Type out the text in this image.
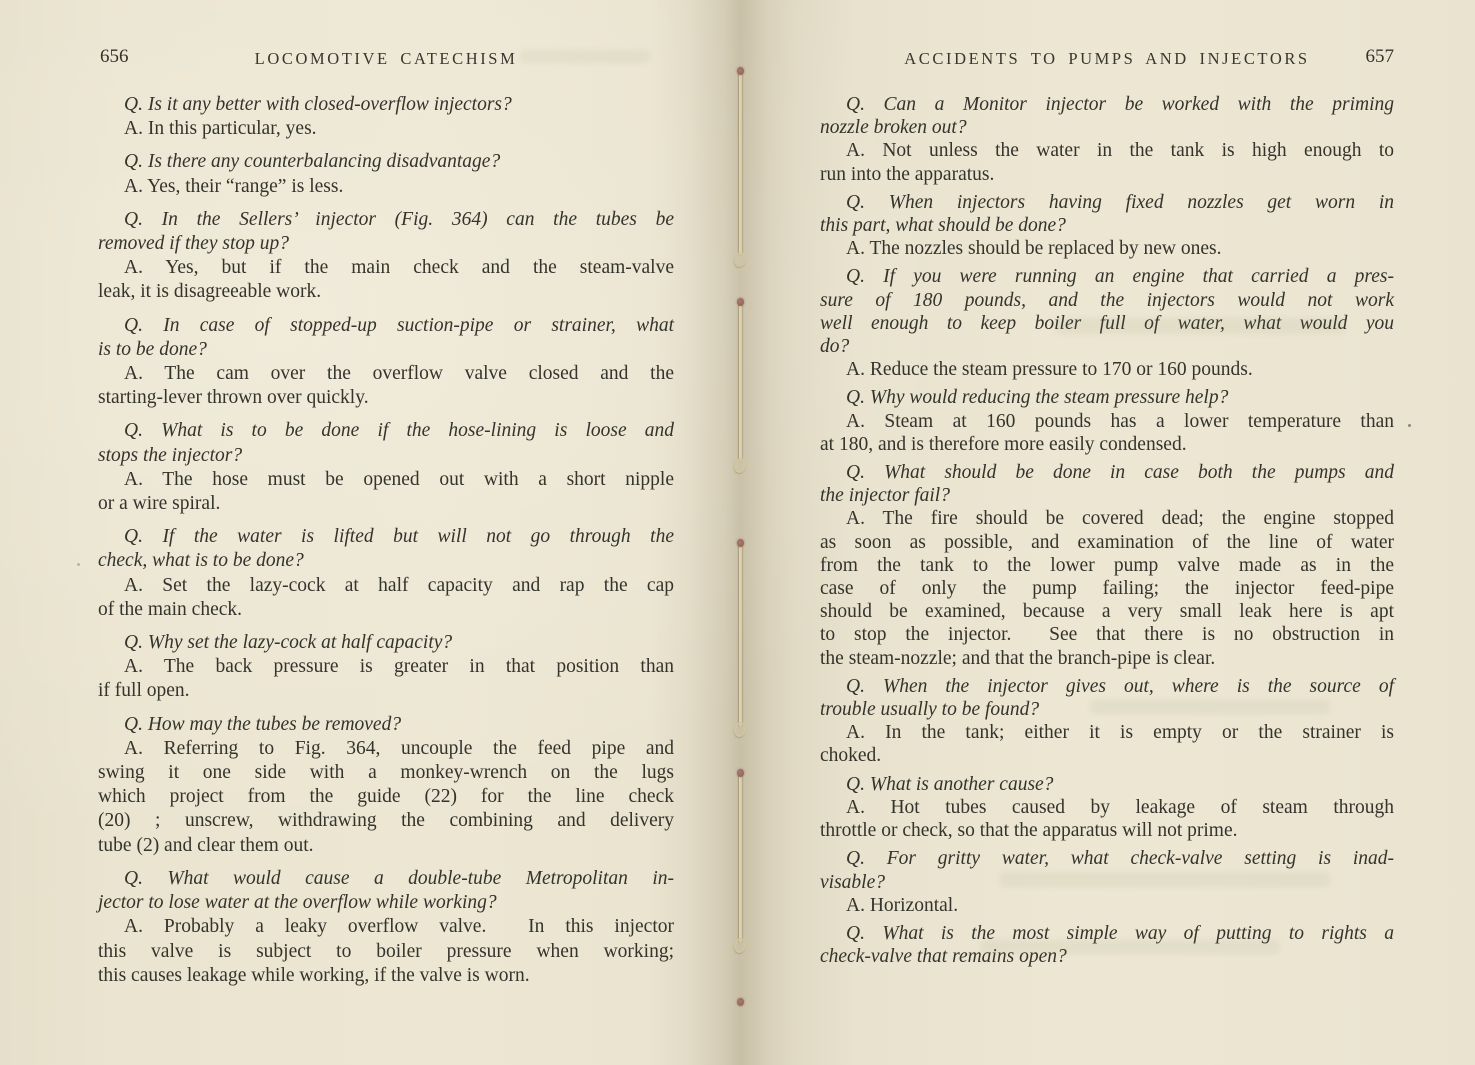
656	LOCOMOTIVE CATECHISM

Q. Is it any better with closed-overflow injectors?

A. In this particular, yes.

Q. Is there any counterbalancing disadvantage?

A. Yes, their “range” is less.

Q. In the Sellers’ injector (Fig. 364) can the tubes be
removed if they stop up?

A. Yes, but if the main check and the steam-valve
leak, it is disagreeable work.

Q. In case of stopped-up suction-pipe or strainer, what
is to be done?

A. The cam over the overflow valve closed and the
starting-lever thrown over quickly.

Q. What is to be done if the hose-lining is loose and
stops the injector?

A. The hose must be opened out with a short nipple
or a wire spiral.

Q. If the water is lifted but will not go through the
check, what is to be done?

A. Set the lazy-cock at half capacity and rap the cap
of the main check.

Q. Why set the lazy-cock at half capacity?

A. The back pressure is greater in that position than
if full open.

Q. How may the tubes be removed?

A. Referring to Fig. 364, uncouple the feed pipe and
swing it one side with a monkey-wrench on the lugs
which project from the guide (22) for the line check
(20) ; unscrew, withdrawing the combining and delivery
tube (2) and clear them out.

Q. What would cause a double-tube Metropolitan in-
jector to lose water at the overflow while working?

A. Probably a leaky overflow valve.  In this injector
this valve is subject to boiler pressure when working;
this causes leakage while working, if the valve is worn.

ACCIDENTS TO PUMPS AND INJECTORS	657

Q. Can a Monitor injector be worked with the priming
nozzle broken out?

A. Not unless the water in the tank is high enough to
run into the apparatus.

Q. When injectors having fixed nozzles get worn in
this part, what should be done?

A. The nozzles should be replaced by new ones.

Q. If you were running an engine that carried a pres-
sure of 180 pounds, and the injectors would not work
well enough to keep boiler full of water, what would you
do?

A. Reduce the steam pressure to 170 or 160 pounds.

Q. Why would reducing the steam pressure help?

A. Steam at 160 pounds has a lower temperature than
at 180, and is therefore more easily condensed.

Q. What should be done in case both the pumps and
the injector fail?

A. The fire should be covered dead; the engine stopped
as soon as possible, and examination of the line of water
from the tank to the lower pump valve made as in the
case of only the pump failing; the injector feed-pipe
should be examined, because a very small leak here is apt
to stop the injector.  See that there is no obstruction in
the steam-nozzle; and that the branch-pipe is clear.

Q. When the injector gives out, where is the source of
trouble usually to be found?

A. In the tank; either it is empty or the strainer is
choked.

Q. What is another cause?

A. Hot tubes caused by leakage of steam through
throttle or check, so that the apparatus will not prime.

Q. For gritty water, what check-valve setting is inad-
visable?

A. Horizontal.

Q. What is the most simple way of putting to rights a
check-valve that remains open?
